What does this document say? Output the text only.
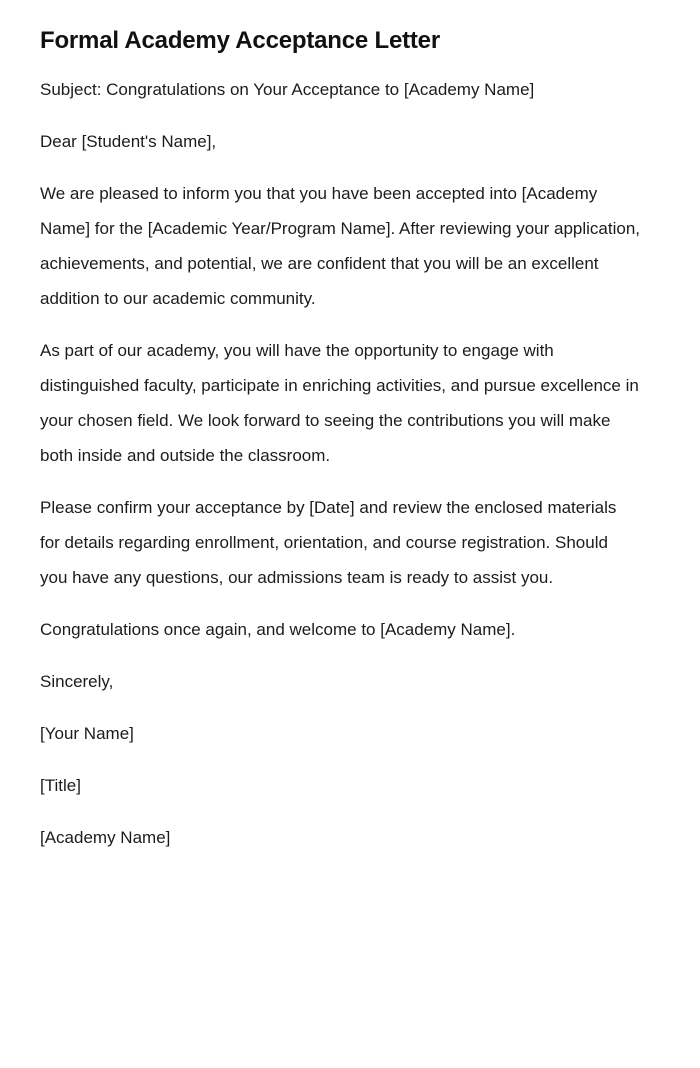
Formal Academy Acceptance Letter

Subject: Congratulations on Your Acceptance to [Academy Name]

Dear [Student's Name],

We are pleased to inform you that you have been accepted into [Academy Name] for the [Academic Year/Program Name]. After reviewing your application, achievements, and potential, we are confident that you will be an excellent addition to our academic community.

As part of our academy, you will have the opportunity to engage with distinguished faculty, participate in enriching activities, and pursue excellence in your chosen field. We look forward to seeing the contributions you will make both inside and outside the classroom.

Please confirm your acceptance by [Date] and review the enclosed materials for details regarding enrollment, orientation, and course registration. Should you have any questions, our admissions team is ready to assist you.

Congratulations once again, and welcome to [Academy Name].

Sincerely,

[Your Name]

[Title]

[Academy Name]
